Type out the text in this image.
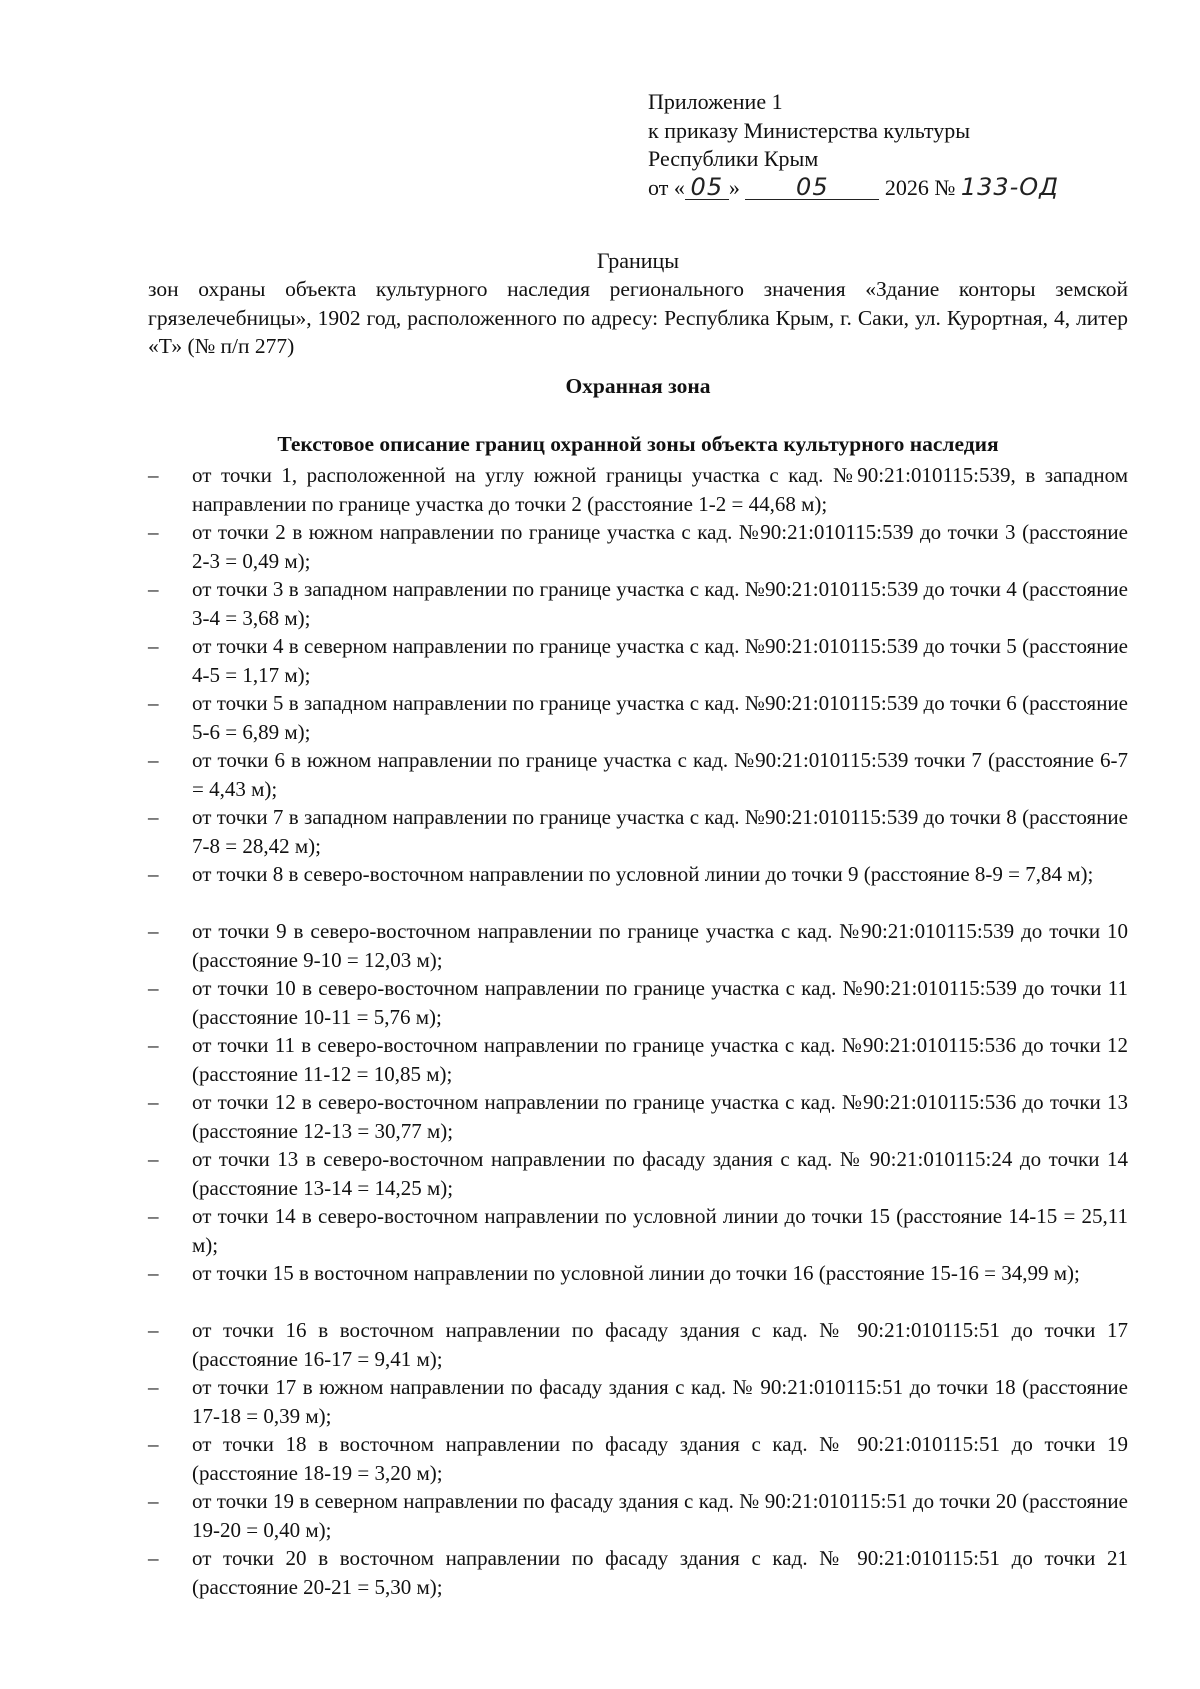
Приложение 1
к приказу Министерства культуры
Республики Крым
от « 05 » 05	2026 № 133-ОД
Границы
зон охраны объекта культурного наследия регионального значения «Здание конторы земской грязелечебницы», 1902 год, расположенного по адресу: Республика Крым, г. Саки, ул. Курортная, 4, литер «Т» (№ п/п 277)
Охранная зона
Текстовое описание границ охранной зоны объекта культурного наследия
– от точки 1, расположенной на углу южной границы участка с кад. №90:21:010115:539, в западном направлении по границе участка до точки 2 (расстояние 1-2 = 44,68 м);
– от точки 2 в южном направлении по границе участка с кад. №90:21:010115:539 до точки 3 (расстояние 2-3 = 0,49 м);
– от точки 3 в западном направлении по границе участка с кад. №90:21:010115:539 до точки 4 (расстояние 3-4 = 3,68 м);
– от точки 4 в северном направлении по границе участка с кад. №90:21:010115:539 до точки 5 (расстояние 4-5 = 1,17 м);
– от точки 5 в западном направлении по границе участка с кад. №90:21:010115:539 до точки 6 (расстояние 5-6 = 6,89 м);
– от точки 6 в южном направлении по границе участка с кад. №90:21:010115:539 точки 7 (расстояние 6-7 = 4,43 м);
– от точки 7 в западном направлении по границе участка с кад. №90:21:010115:539 до точки 8 (расстояние 7-8 = 28,42 м);
– от точки 8 в северо-восточном направлении по условной линии до точки 9 (расстояние 8-9 = 7,84 м);
– от точки 9 в северо-восточном направлении по границе участка с кад. №90:21:010115:539 до точки 10 (расстояние 9-10 = 12,03 м);
– от точки 10 в северо-восточном направлении по границе участка с кад. №90:21:010115:539 до точки 11 (расстояние 10-11 = 5,76 м);
– от точки 11 в северо-восточном направлении по границе участка с кад. №90:21:010115:536 до точки 12 (расстояние 11-12 = 10,85 м);
– от точки 12 в северо-восточном направлении по границе участка с кад. №90:21:010115:536 до точки 13 (расстояние 12-13 = 30,77 м);
– от точки 13 в северо-восточном направлении по фасаду здания с кад. № 90:21:010115:24 до точки 14 (расстояние 13-14 = 14,25 м);
– от точки 14 в северо-восточном направлении по условной линии до точки 15 (расстояние 14-15 = 25,11 м);
– от точки 15 в восточном направлении по условной линии до точки 16 (расстояние 15-16 = 34,99 м);
– от точки 16 в восточном направлении по фасаду здания с кад. № 90:21:010115:51 до точки 17 (расстояние 16-17 = 9,41 м);
– от точки 17 в южном направлении по фасаду здания с кад. № 90:21:010115:51 до точки 18 (расстояние 17-18 = 0,39 м);
– от точки 18 в восточном направлении по фасаду здания с кад. № 90:21:010115:51 до точки 19 (расстояние 18-19 = 3,20 м);
– от точки 19 в северном направлении по фасаду здания с кад. № 90:21:010115:51 до точки 20 (расстояние 19-20 = 0,40 м);
– от точки 20 в восточном направлении по фасаду здания с кад. № 90:21:010115:51 до точки 21 (расстояние 20-21 = 5,30 м);
